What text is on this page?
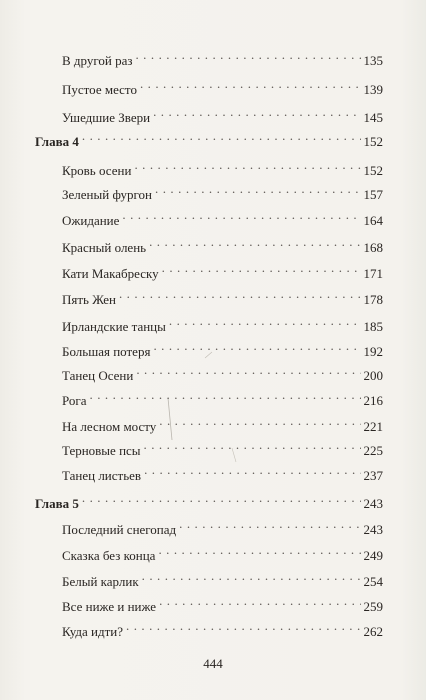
В другой раз . . .	135
Пустое место . . .	139
Ушедшие Звери . . .	145
Глава 4 . . .	152
Кровь осени . . .	152
Зеленый фургон . . .	157
Ожидание . . .	164
Красный олень . . .	168
Кати Макабреску . . .	171
Пять Жен . . .	178
Ирландские танцы . . .	185
Большая потеря . . .	192
Танец Осени . . .	200
Рога . . .	216
На лесном мосту . . .	221
Терновые псы . . .	225
Танец листьев . . .	237
Глава 5 . . .	243
Последний снегопад . . .	243
Сказка без конца . . .	249
Белый карлик . . .	254
Все ниже и ниже . . .	259
Куда идти? . . .	262
444
